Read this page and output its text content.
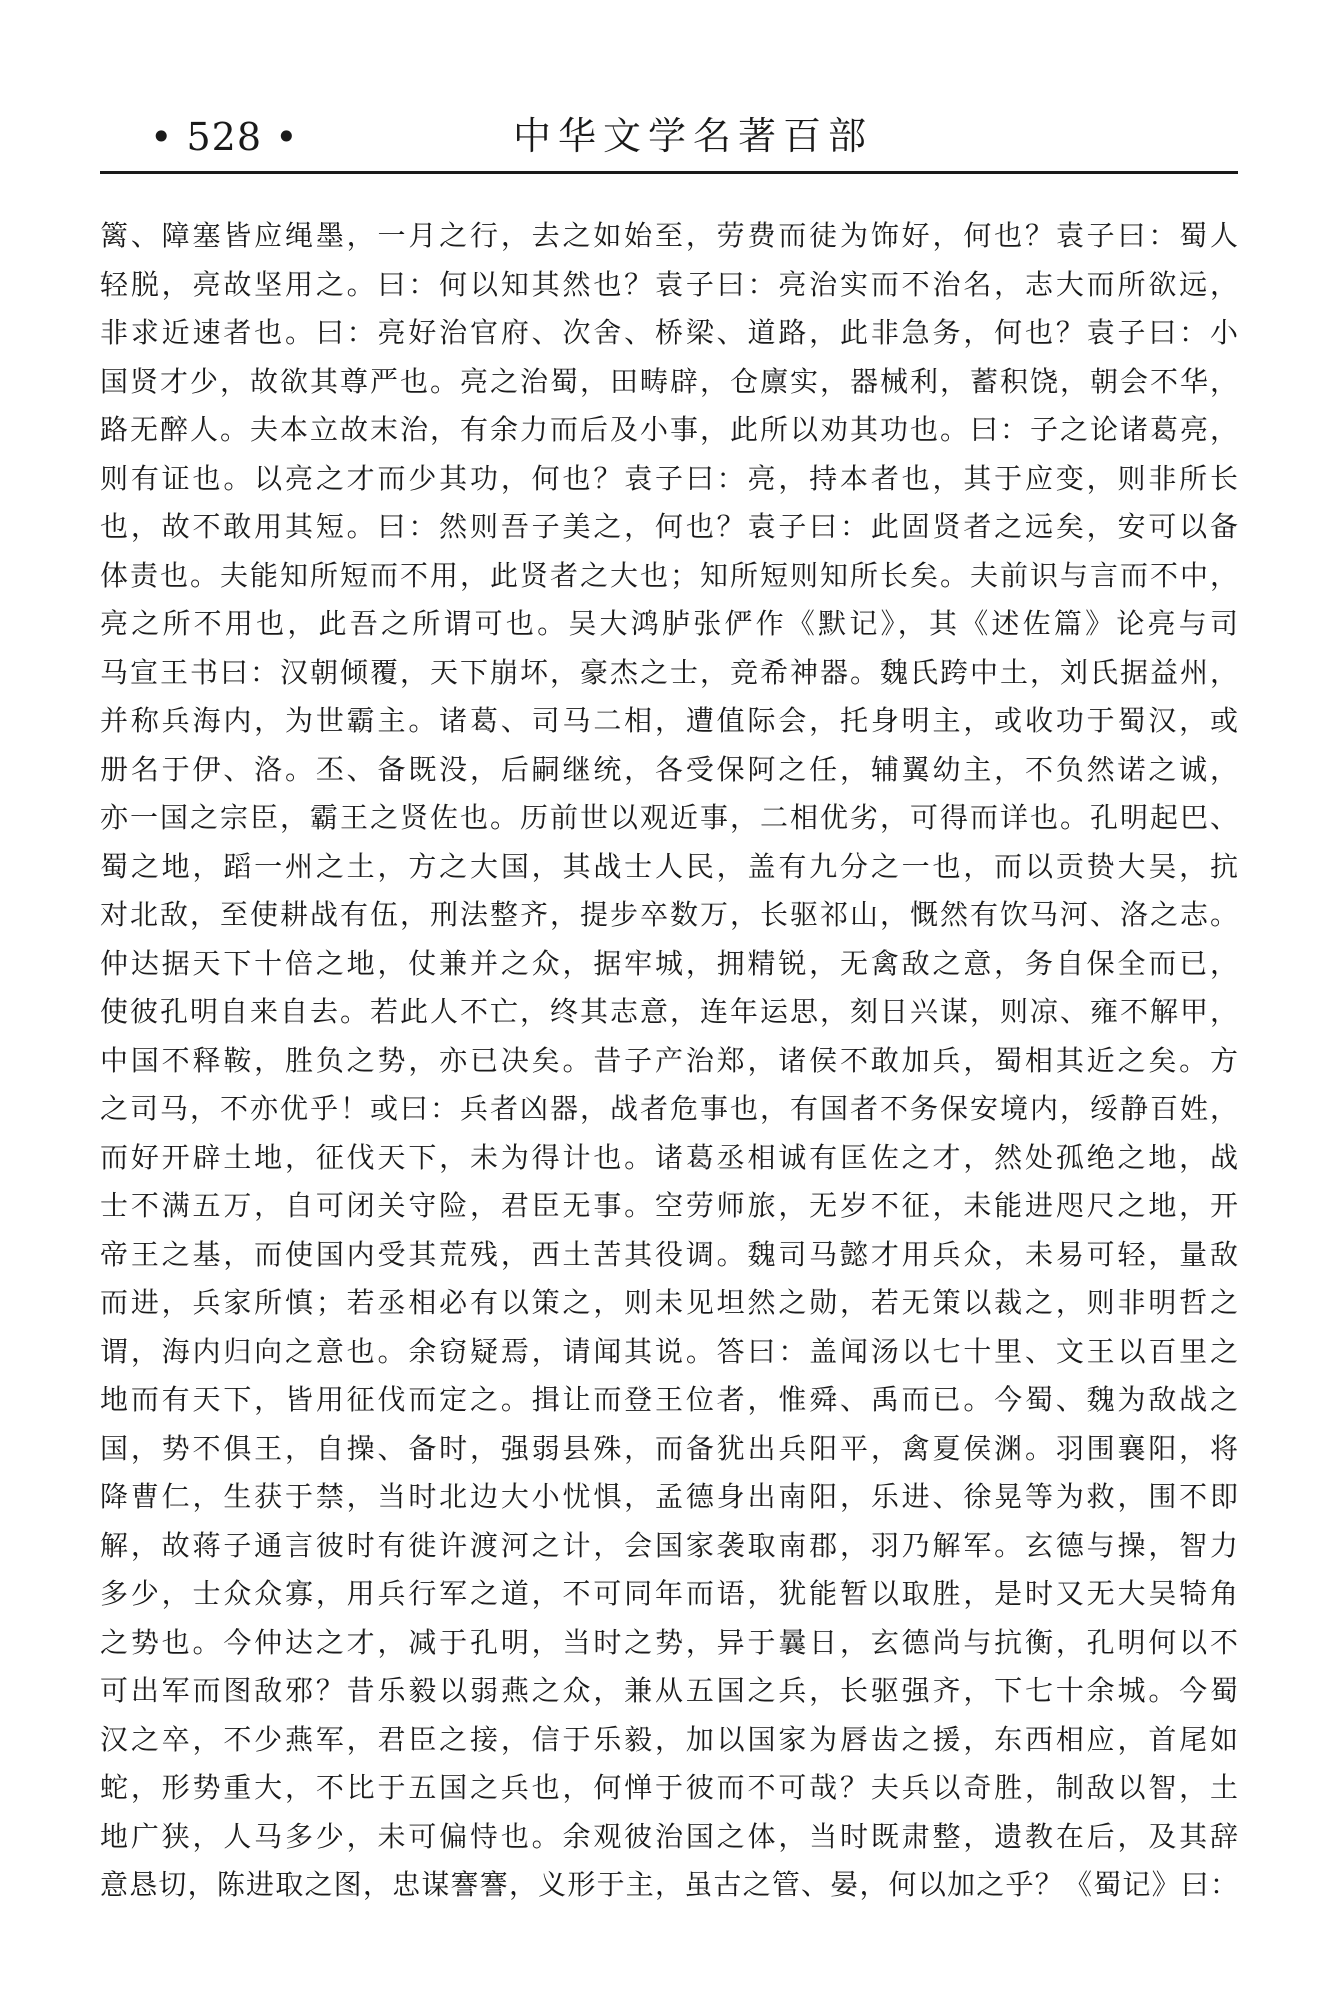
• 528 •	中华文学名著百部
篱、障塞皆应绳墨，一月之行，去之如始至，劳费而徒为饰好，何也？袁子曰：蜀人
轻脱，亮故坚用之。曰：何以知其然也？袁子曰：亮治实而不治名，志大而所欲远，
非求近速者也。曰：亮好治官府、次舍、桥梁、道路，此非急务，何也？袁子曰：小
国贤才少，故欲其尊严也。亮之治蜀，田畴辟，仓廪实，器械利，蓄积饶，朝会不华，
路无醉人。夫本立故末治，有余力而后及小事，此所以劝其功也。曰：子之论诸葛亮，
则有证也。以亮之才而少其功，何也？袁子曰：亮，持本者也，其于应变，则非所长
也，故不敢用其短。曰：然则吾子美之，何也？袁子曰：此固贤者之远矣，安可以备
体责也。夫能知所短而不用，此贤者之大也；知所短则知所长矣。夫前识与言而不中，
亮之所不用也，此吾之所谓可也。吴大鸿胪张俨作《默记》，其《述佐篇》论亮与司
马宣王书曰：汉朝倾覆，天下崩坏，豪杰之士，竞希神器。魏氏跨中土，刘氏据益州，
并称兵海内，为世霸主。诸葛、司马二相，遭值际会，托身明主，或收功于蜀汉，或
册名于伊、洛。丕、备既没，后嗣继统，各受保阿之任，辅翼幼主，不负然诺之诚，
亦一国之宗臣，霸王之贤佐也。历前世以观近事，二相优劣，可得而详也。孔明起巴、
蜀之地，蹈一州之土，方之大国，其战士人民，盖有九分之一也，而以贡贽大吴，抗
对北敌，至使耕战有伍，刑法整齐，提步卒数万，长驱祁山，慨然有饮马河、洛之志。
仲达据天下十倍之地，仗兼并之众，据牢城，拥精锐，无禽敌之意，务自保全而已，
使彼孔明自来自去。若此人不亡，终其志意，连年运思，刻日兴谋，则凉、雍不解甲，
中国不释鞍，胜负之势，亦已决矣。昔子产治郑，诸侯不敢加兵，蜀相其近之矣。方
之司马，不亦优乎！或曰：兵者凶器，战者危事也，有国者不务保安境内，绥静百姓，
而好开辟土地，征伐天下，未为得计也。诸葛丞相诚有匡佐之才，然处孤绝之地，战
士不满五万，自可闭关守险，君臣无事。空劳师旅，无岁不征，未能进咫尺之地，开
帝王之基，而使国内受其荒残，西土苦其役调。魏司马懿才用兵众，未易可轻，量敌
而进，兵家所慎；若丞相必有以策之，则未见坦然之勋，若无策以裁之，则非明哲之
谓，海内归向之意也。余窃疑焉，请闻其说。答曰：盖闻汤以七十里、文王以百里之
地而有天下，皆用征伐而定之。揖让而登王位者，惟舜、禹而已。今蜀、魏为敌战之
国，势不俱王，自操、备时，强弱县殊，而备犹出兵阳平，禽夏侯渊。羽围襄阳，将
降曹仁，生获于禁，当时北边大小忧惧，孟德身出南阳，乐进、徐晃等为救，围不即
解，故蒋子通言彼时有徙许渡河之计，会国家袭取南郡，羽乃解军。玄德与操，智力
多少，士众众寡，用兵行军之道，不可同年而语，犹能暂以取胜，是时又无大吴犄角
之势也。今仲达之才，减于孔明，当时之势，异于曩日，玄德尚与抗衡，孔明何以不
可出军而图敌邪？昔乐毅以弱燕之众，兼从五国之兵，长驱强齐，下七十余城。今蜀
汉之卒，不少燕军，君臣之接，信于乐毅，加以国家为唇齿之援，东西相应，首尾如
蛇，形势重大，不比于五国之兵也，何惮于彼而不可哉？夫兵以奇胜，制敌以智，土
地广狭，人马多少，未可偏恃也。余观彼治国之体，当时既肃整，遗教在后，及其辞
意恳切，陈进取之图，忠谋謇謇，义形于主，虽古之管、晏，何以加之乎？《蜀记》曰：
